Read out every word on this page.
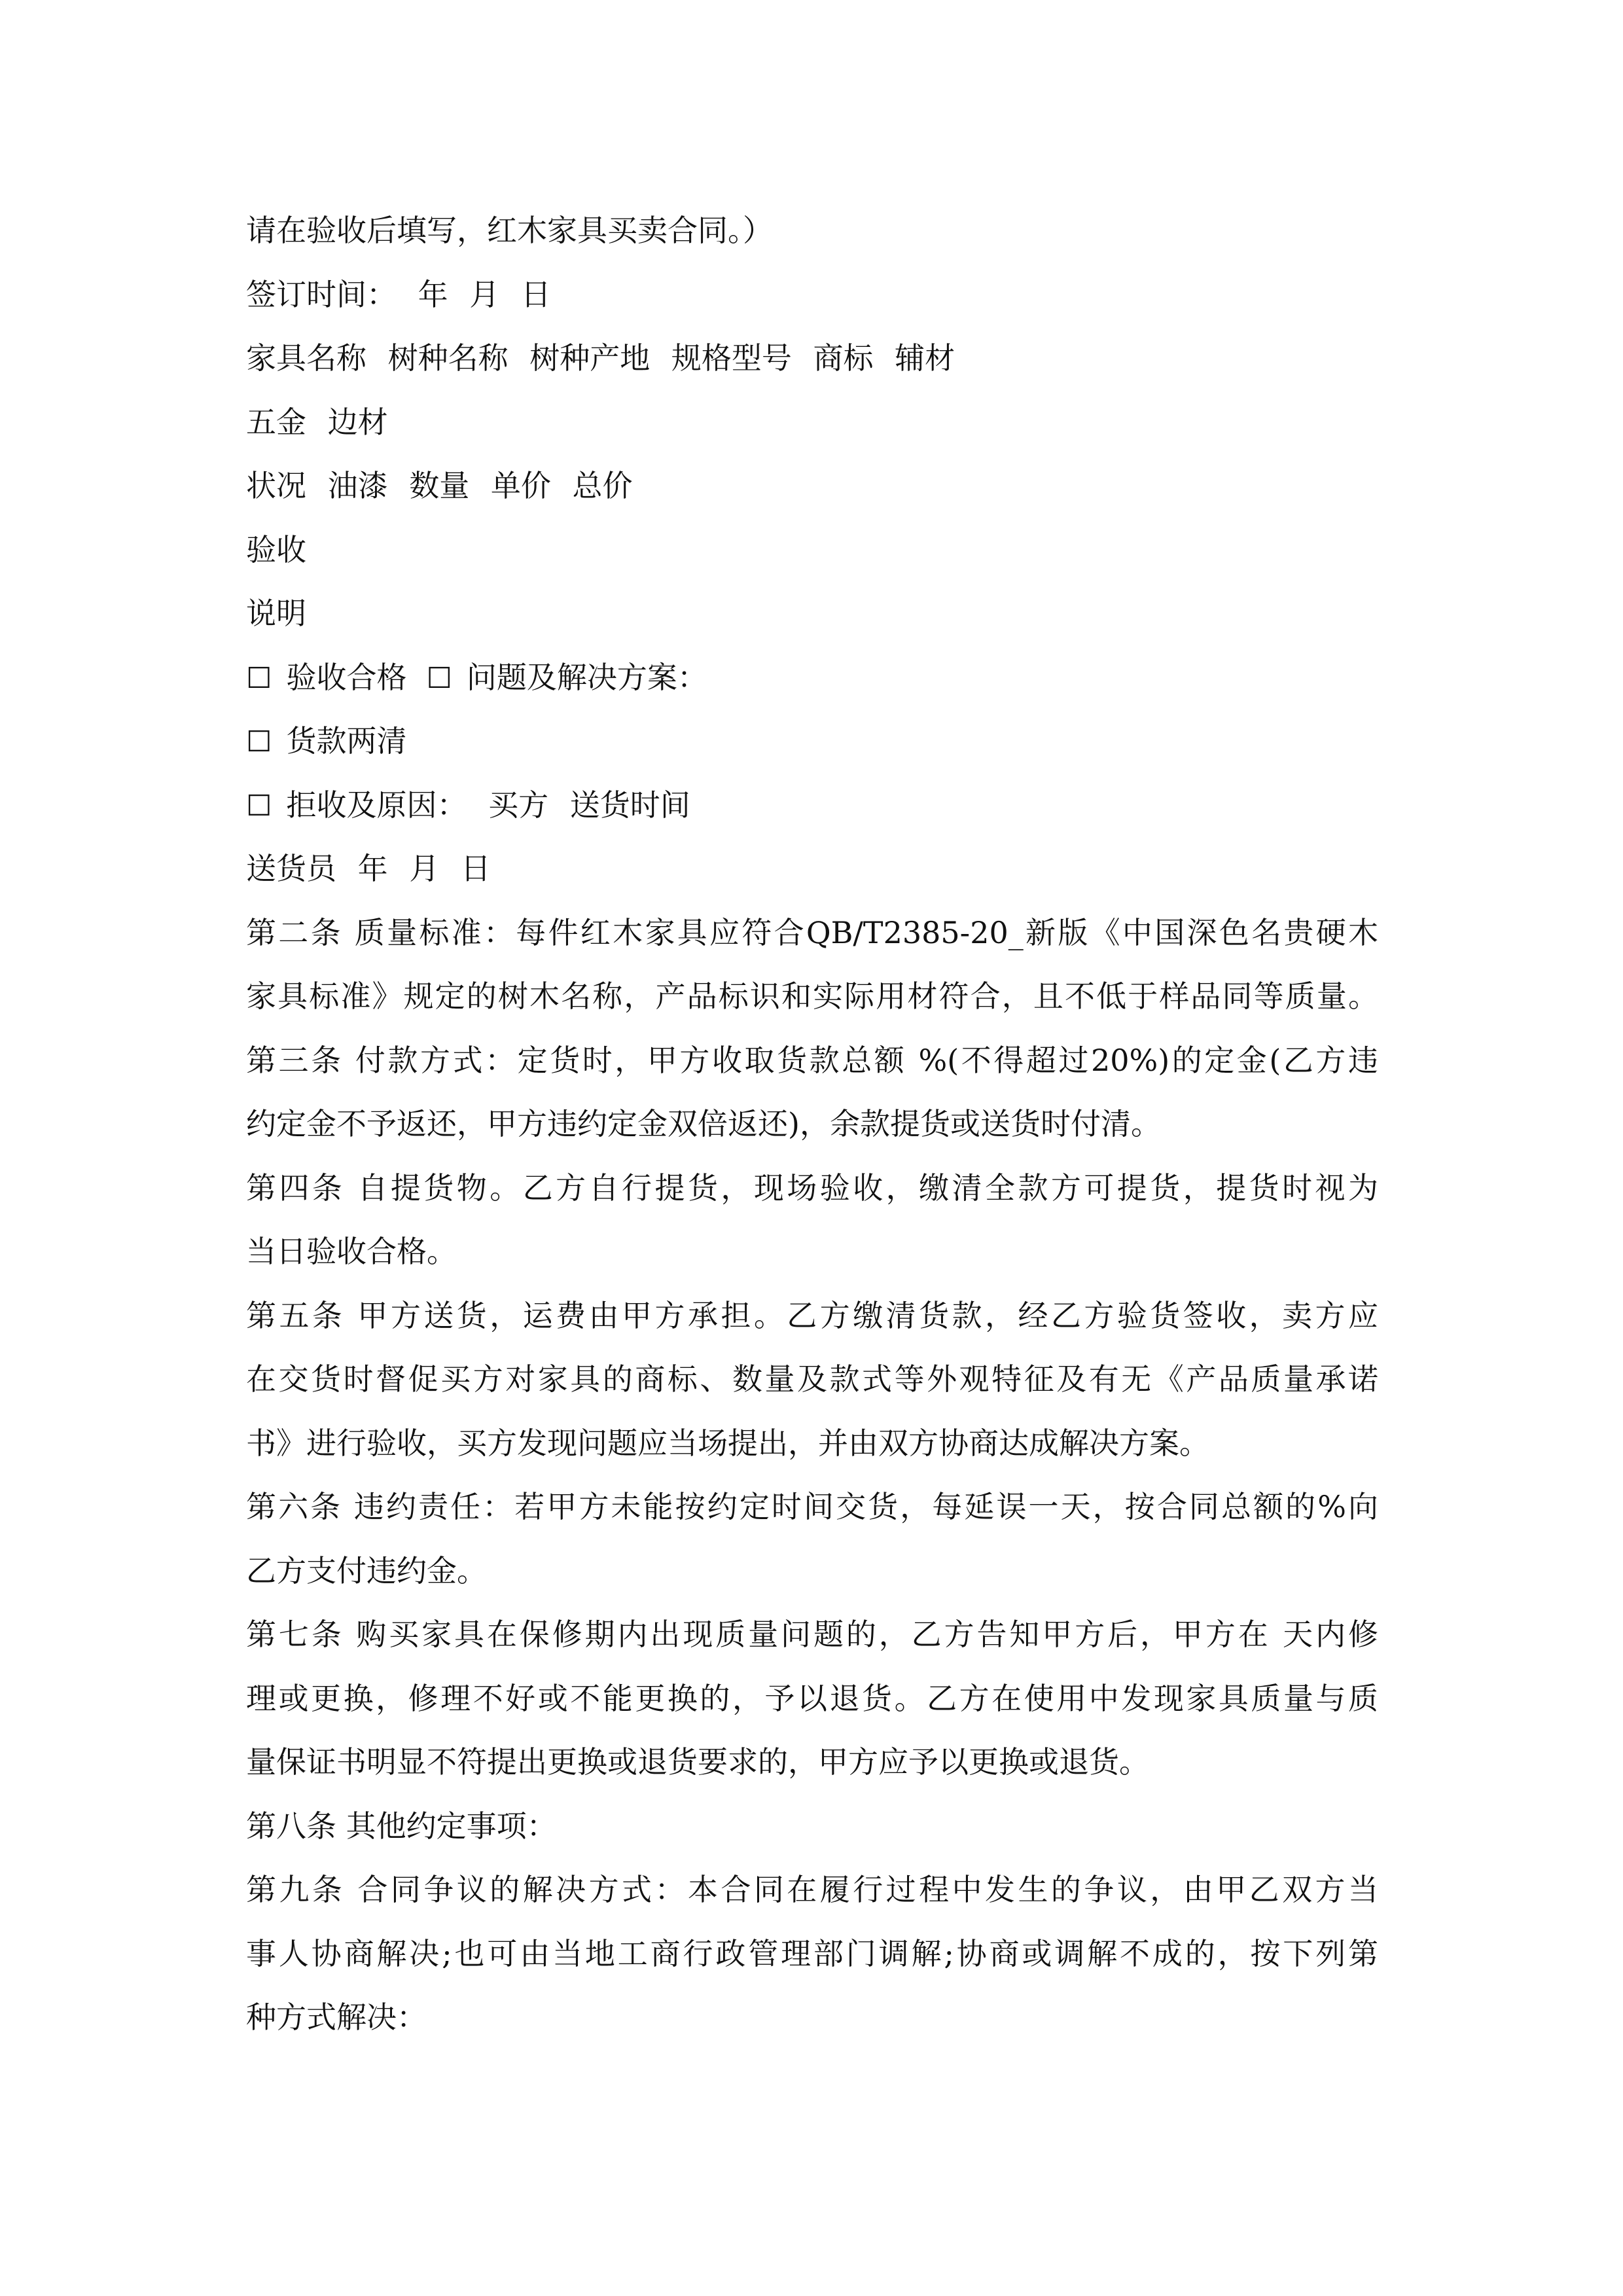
请在验收后填写，红木家具买卖合同。）
签订时间： 年 月 日
家具名称 树种名称 树种产地 规格型号 商标 辅材
五金 边材
状况 油漆 数量 单价 总价
验收
说明
☐ 验收合格 ☐ 问题及解决方案：
☐ 货款两清
☐ 拒收及原因： 买方 送货时间
送货员 年 月 日
第二条 质量标准：每件红木家具应符合QB/T2385-20_新版《中国深色名贵硬木
家具标准》规定的树木名称，产品标识和实际用材符合，且不低于样品同等质量。
第三条 付款方式：定货时，甲方收取货款总额 %(不得超过20%)的定金(乙方违
约定金不予返还，甲方违约定金双倍返还)，余款提货或送货时付清。
第四条 自提货物。乙方自行提货，现场验收，缴清全款方可提货，提货时视为
当日验收合格。
第五条 甲方送货，运费由甲方承担。乙方缴清货款，经乙方验货签收，卖方应
在交货时督促买方对家具的商标、数量及款式等外观特征及有无《产品质量承诺
书》进行验收，买方发现问题应当场提出，并由双方协商达成解决方案。
第六条 违约责任：若甲方未能按约定时间交货，每延误一天，按合同总额的%向
乙方支付违约金。
第七条 购买家具在保修期内出现质量问题的，乙方告知甲方后，甲方在 天内修
理或更换，修理不好或不能更换的，予以退货。乙方在使用中发现家具质量与质
量保证书明显不符提出更换或退货要求的，甲方应予以更换或退货。
第八条 其他约定事项：
第九条 合同争议的解决方式：本合同在履行过程中发生的争议，由甲乙双方当
事人协商解决;也可由当地工商行政管理部门调解;协商或调解不成的，按下列第
种方式解决：
